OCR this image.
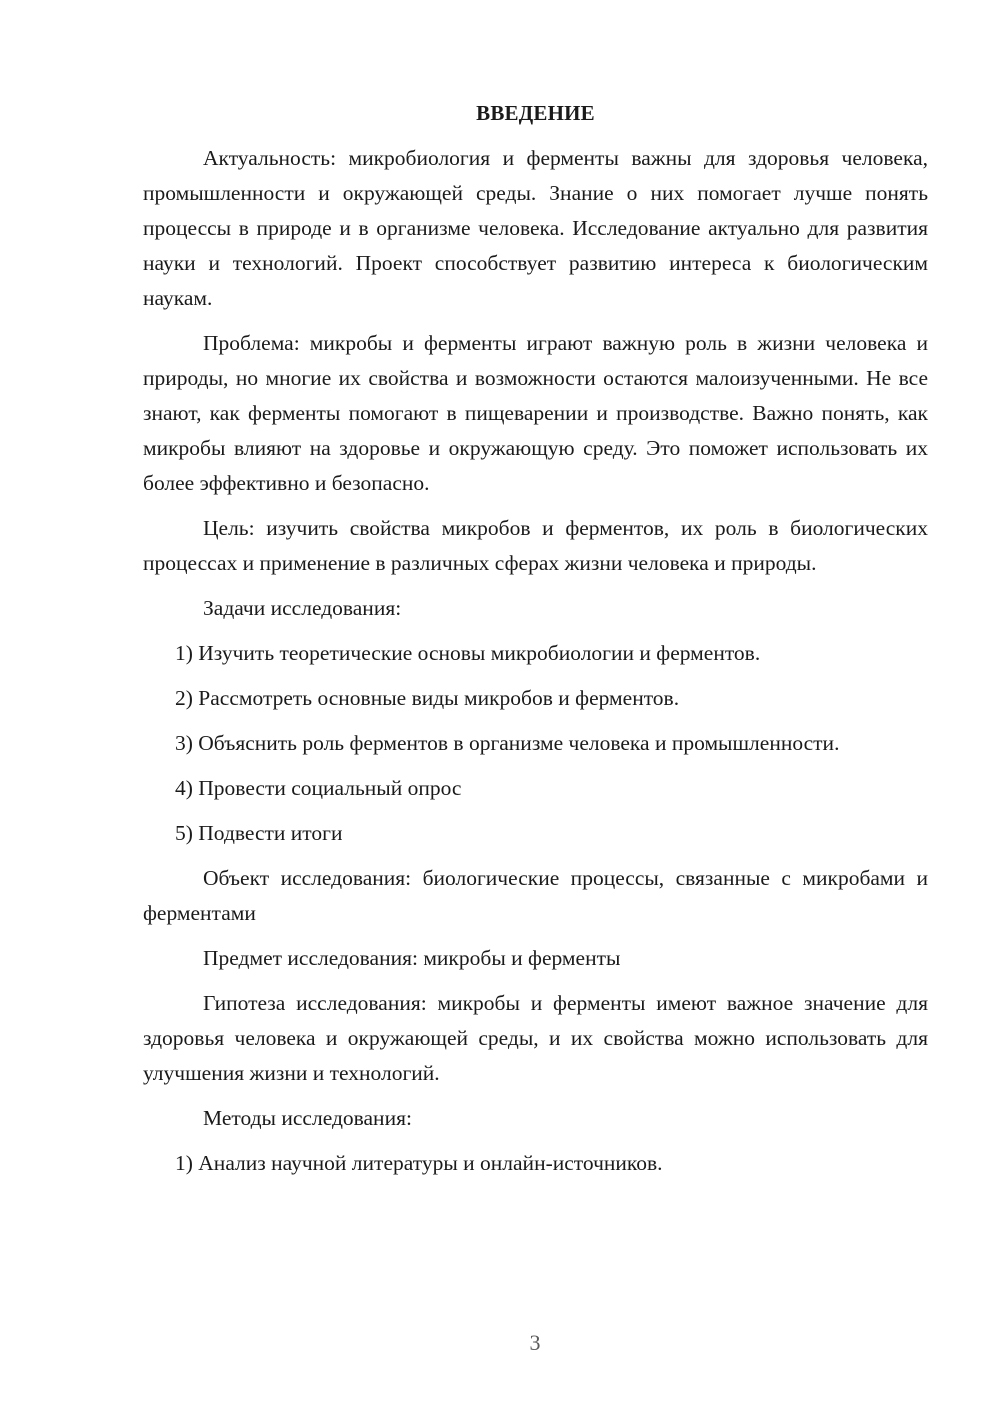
ВВЕДЕНИЕ

Актуальность: микробиология и ферменты важны для здоровья человека, промышленности и окружающей среды. Знание о них помогает лучше понять процессы в природе и в организме человека. Исследование актуально для развития науки и технологий. Проект способствует развитию интереса к биологическим наукам.

Проблема: микробы и ферменты играют важную роль в жизни человека и природы, но многие их свойства и возможности остаются малоизученными. Не все знают, как ферменты помогают в пищеварении и производстве. Важно понять, как микробы влияют на здоровье и окружающую среду. Это поможет использовать их более эффективно и безопасно.

Цель: изучить свойства микробов и ферментов, их роль в биологических процессах и применение в различных сферах жизни человека и природы.

Задачи исследования:

1) Изучить теоретические основы микробиологии и ферментов.

2) Рассмотреть основные виды микробов и ферментов.

3) Объяснить роль ферментов в организме человека и промышленности.

4) Провести социальный опрос

5) Подвести итоги

Объект исследования: биологические процессы, связанные с микробами и ферментами

Предмет исследования: микробы и ферменты

Гипотеза исследования: микробы и ферменты имеют важное значение для здоровья человека и окружающей среды, и их свойства можно использовать для улучшения жизни и технологий.

Методы исследования:

1) Анализ научной литературы и онлайн-источников.

3
